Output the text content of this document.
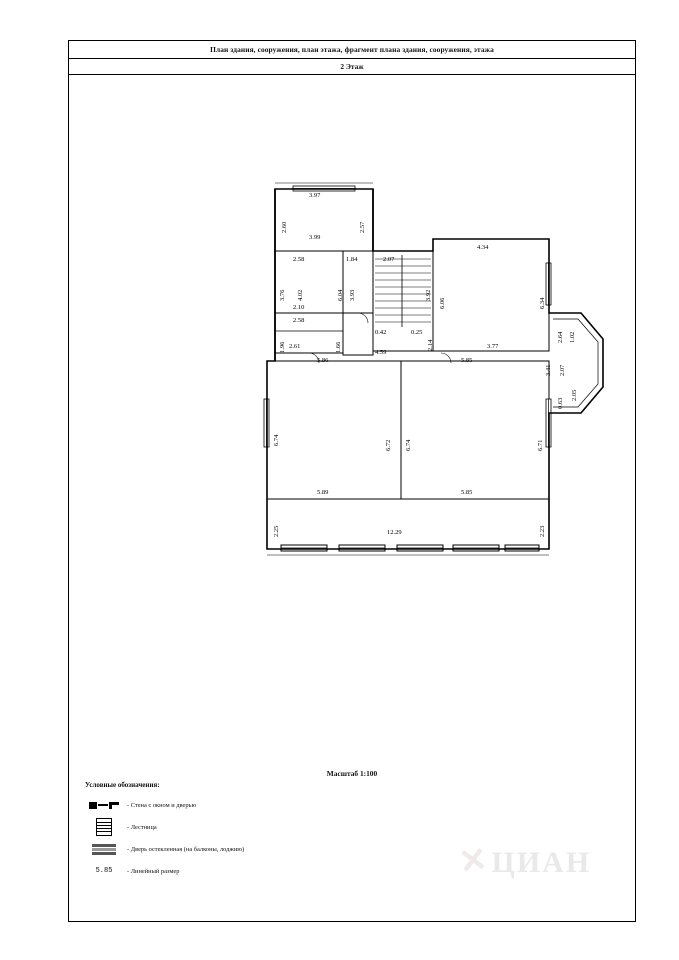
План здания, сооружения, план этажа, фрагмент плана здания, сооружения, этажа
2 Этаж
3.97
2.60	2.57
3.99
2.58	1.84	2.07
4.34
3.76 4.02	3.93
6.04	3.92
6.06	6.34
2.10
0.42	0.25
2.58
1.96	1.66
2.61	2.14
4.59
3.77
2.64 1.02
3.41 2.07
2.05
0.63
5.86	5.85
6.74	6.72 6.74	6.71
5.89	5.85
2.25	2.23
12.29
Масштаб 1:100
Условные обозначения:
- Стена с окном и дверью
- Лестница
- Дверь остекленная (на балконы, лоджию)
5.85 - Линейный размер	✕ЦИАН
